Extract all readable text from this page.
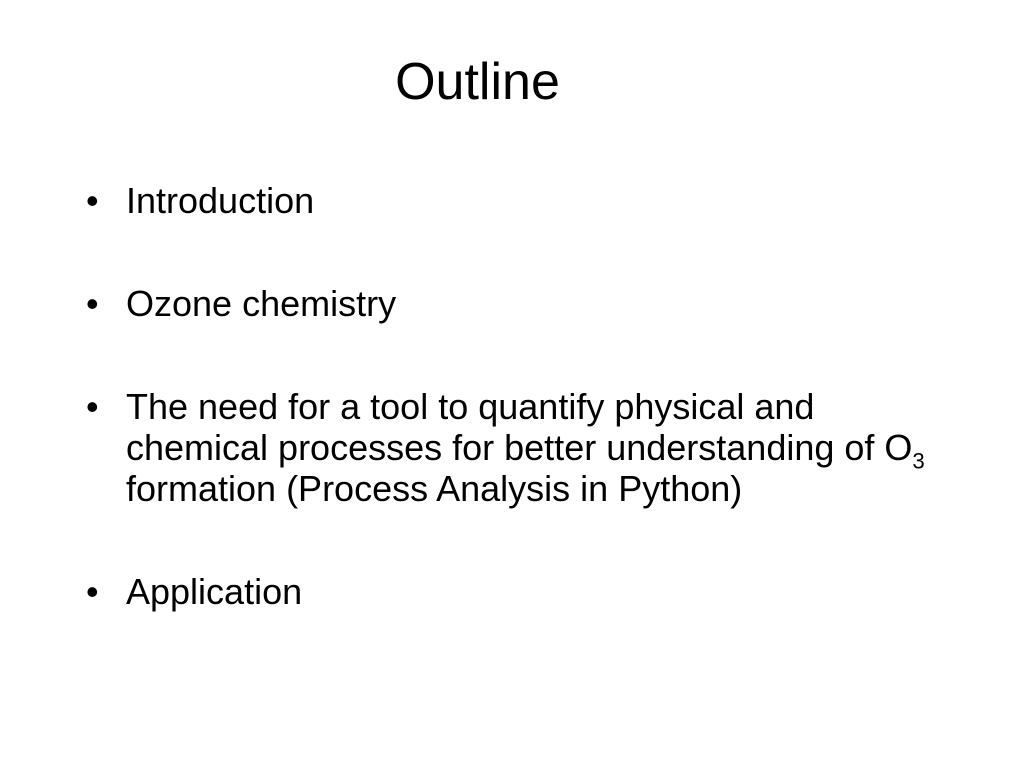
Outline
• Introduction
• Ozone chemistry
• The need for a tool to quantify physical and chemical processes for better understanding of $O_3$ formation (Process Analysis in Python)
• Application
